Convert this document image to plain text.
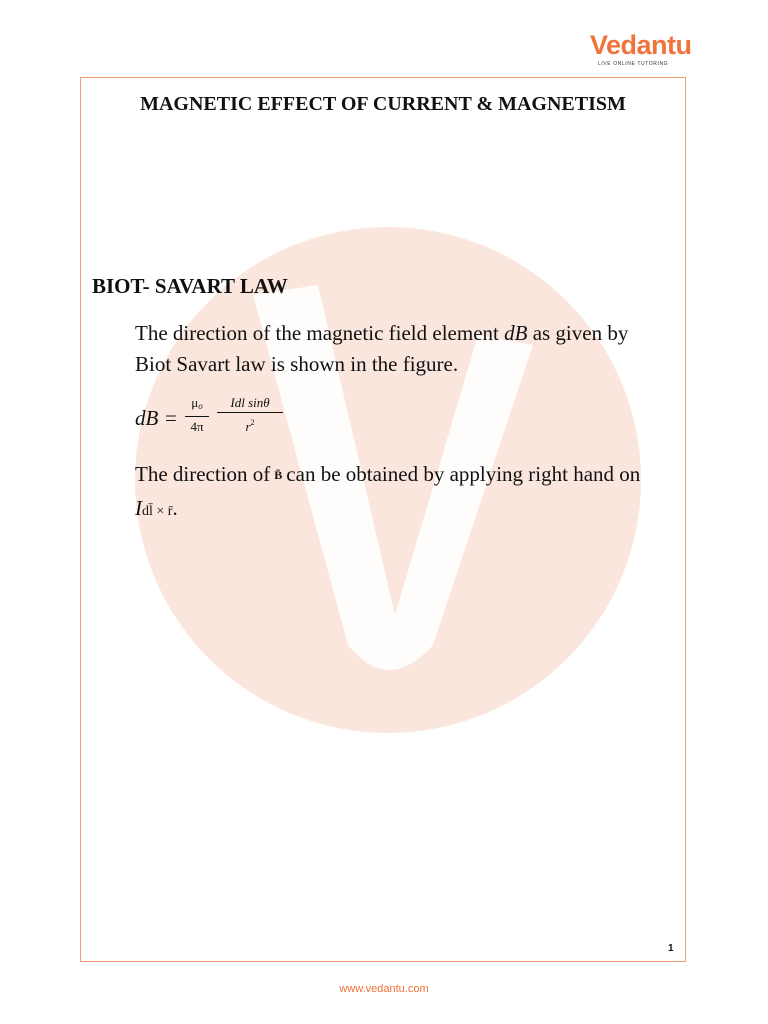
Vedantu
LIVE ONLINE TUTORING
MAGNETIC EFFECT OF CURRENT & MAGNETISM
BIOT- SAVART LAW
The direction of the magnetic field element dB as given by Biot Savart law is shown in the figure.
dB =
$\mu_o$
4π
Idl sinθ
$r^2$
The direction of B̄ can be obtained by applying right hand on Idl̄ × r̄.
1
www.vedantu.com
